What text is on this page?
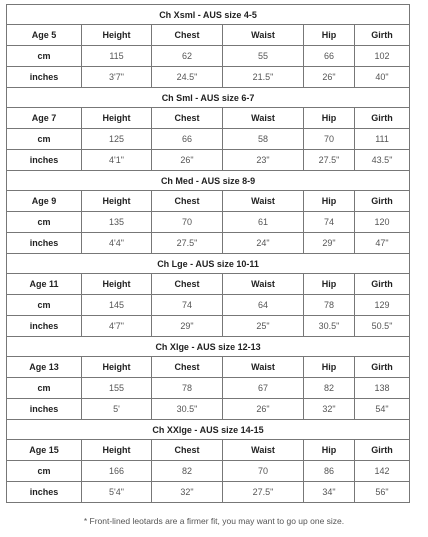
Ch Xsml - AUS size 4-5					
Age 5	Height	Chest	Waist	Hip	Girth
cm	115	62	55	66	102
inches	3'7"	24.5"	21.5"	26"	40"
Ch Sml - AUS size 6-7					
Age 7	Height	Chest	Waist	Hip	Girth
cm	125	66	58	70	111
inches	4'1"	26"	23"	27.5"	43.5"
Ch Med - AUS size 8-9					
Age 9	Height	Chest	Waist	Hip	Girth
cm	135	70	61	74	120
inches	4'4"	27.5"	24"	29"	47"
Ch Lge - AUS size 10-11					
Age 11	Height	Chest	Waist	Hip	Girth
cm	145	74	64	78	129
inches	4'7"	29"	25"	30.5"	50.5"
Ch Xlge - AUS size 12-13					
Age 13	Height	Chest	Waist	Hip	Girth
cm	155	78	67	82	138
inches	5'	30.5"	26"	32"	54"
Ch XXlge - AUS size 14-15					
Age 15	Height	Chest	Waist	Hip	Girth
cm	166	82	70	86	142
inches	5'4"	32"	27.5"	34"	56"
* Front-lined leotards are a firmer fit, you may want to go up one size.
